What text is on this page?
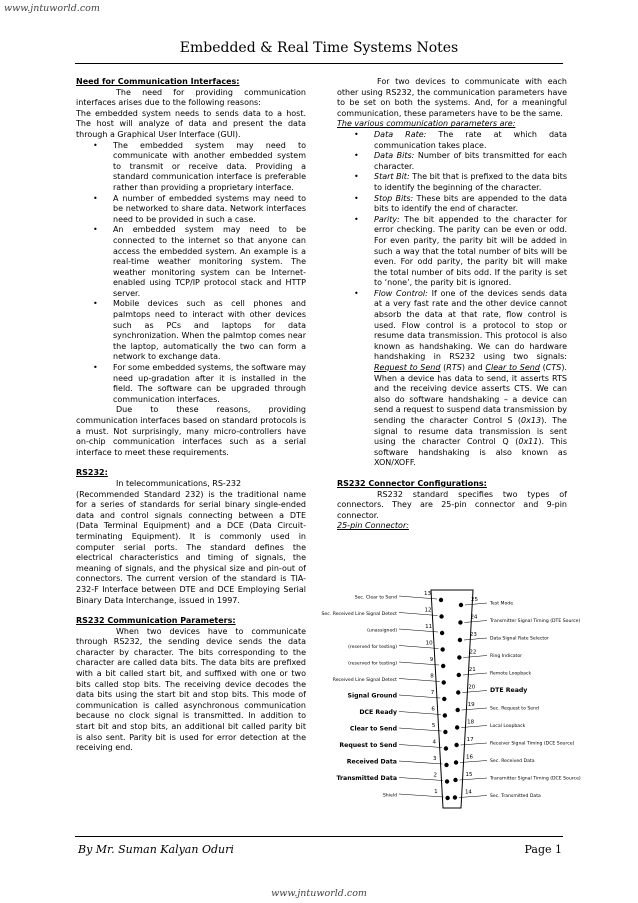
www.jntuworld.com
Embedded & Real Time Systems Notes

Need for Communication Interfaces:

The need for providing communication interfaces arises due to the following reasons:

The embedded system needs to sends data to a host. The host will analyze of data and present the data through a Graphical User Interface (GUI).

• The embedded system may need to communicate with another embedded system to transmit or receive data. Providing a standard communication interface is preferable rather than providing a proprietary interface.
• A number of embedded systems may need to be networked to share data. Network interfaces need to be provided in such a case.
• An embedded system may need to be connected to the internet so that anyone can access the embedded system. An example is a real-time weather monitoring system. The weather monitoring system can be Internet-enabled using TCP/IP protocol stack and HTTP server.
• Mobile devices such as cell phones and palmtops need to interact with other devices such as PCs and laptops for data synchronization. When the palmtop comes near the laptop, automatically the two can form a network to exchange data.
• For some embedded systems, the software may need up-gradation after it is installed in the field. The software can be upgraded through communication interfaces.

Due to these reasons, providing communication interfaces based on standard protocols is a must. Not surprisingly, many micro-controllers have on-chip communication interfaces such as a serial interface to meet these requirements.

RS232:

In telecommunications, RS-232

(Recommended Standard 232) is the traditional name for a series of standards for serial binary single-ended data and control signals connecting between a DTE (Data Terminal Equipment) and a DCE (Data Circuit-terminating Equipment). It is commonly used in computer serial ports. The standard defines the electrical characteristics and timing of signals, the meaning of signals, and the physical size and pin-out of connectors. The current version of the standard is TIA-232-F Interface between DTE and DCE Employing Serial Binary Data Interchange, issued in 1997.

RS232 Communication Parameters:

When two devices have to communicate through RS232, the sending device sends the data character by character. The bits corresponding to the character are called data bits. The data bits are prefixed with a bit called start bit, and suffixed with one or two bits called stop bits. The receiving device decodes the data bits using the start bit and stop bits. This mode of communication is called asynchronous communication because no clock signal is transmitted. In addition to start bit and stop bits, an additional bit called parity bit is also sent. Parity bit is used for error detection at the receiving end.

For two devices to communicate with each other using RS232, the communication parameters have to be set on both the systems. And, for a meaningful communication, these parameters have to be the same.

The various communication parameters are:

• Data Rate: The rate at which data communication takes place.
• Data Bits: Number of bits transmitted for each character.
• Start Bit: The bit that is prefixed to the data bits to identify the beginning of the character.
• Stop Bits: These bits are appended to the data bits to identify the end of character.
• Parity: The bit appended to the character for error checking. The parity can be even or odd. For even parity, the parity bit will be added in such a way that the total number of bits will be even. For odd parity, the parity bit will make the total number of bits odd. If the parity is set to ‘none’, the parity bit is ignored.
• Flow Control: If one of the devices sends data at a very fast rate and the other device cannot absorb the data at that rate, flow control is used. Flow control is a protocol to stop or resume data transmission. This protocol is also known as handshaking. We can do hardware handshaking in RS232 using two signals: Request to Send (RTS) and Clear to Send (CTS). When a device has data to send, it asserts RTS and the receiving device asserts CTS. We can also do software handshaking – a device can send a request to suspend data transmission by sending the character Control S (0x13). The signal to resume data transmission is sent using the character Control Q (0x11). This software handshaking is also known as XON/XOFF.

RS232 Connector Configurations:

RS232 standard specifies two types of connectors. They are 25-pin connector and 9-pin connector.

25-pin Connector:

Sec. Clear to Send
13
Sec. Received Line Signal Detect
12
(unassigned)
11
(reserved for testing)
10
(reserved for testing)
9
Received Line Signal Detect
8
Signal Ground	7
DCE Ready	6
Clear to Send	5
Request to Send	4
Received Data	3
Transmitted Data	2
Shield
1
25
Test Mode
24
Transmitter Signal Timing (DTE Source)
23
Data Signal Rate Selector
22
Ring Indicator
21
Remote Loopback
20 DTE Ready
19
Sec. Request to Send
18
Local Loopback
17
Receiver Signal Timing (DCE Source)
16
Sec. Received Data
15
Transmitter Signal Timing (DCE Source)
14
Sec. Transmitted Data
By Mr. Suman Kalyan Oduri	Page 1
www.jntuworld.com
